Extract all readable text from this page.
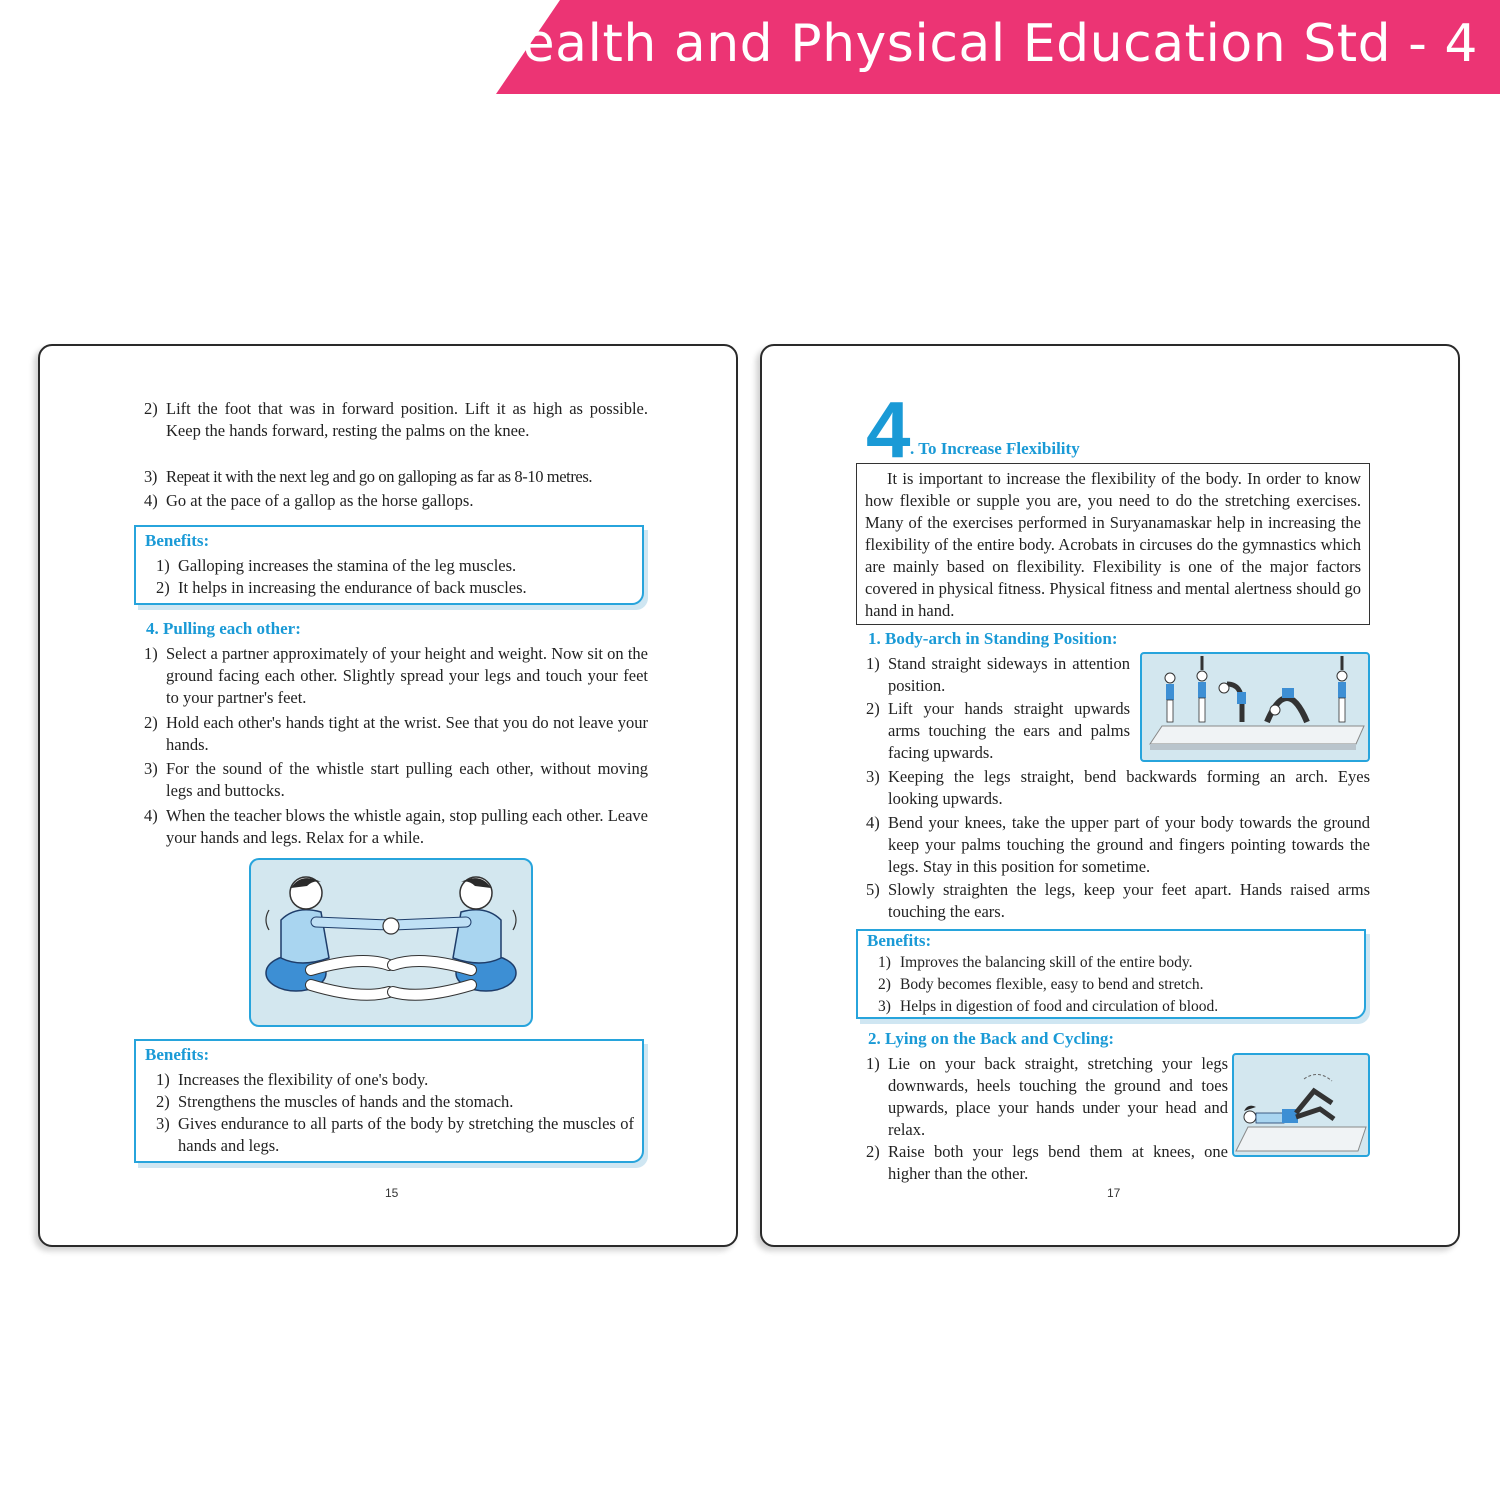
Health and Physical Education Std - 4
2) Lift the foot that was in forward position. Lift it as high as possible. Keep the hands forward, resting the palms on the knee.
3) Repeat it with the next leg and go on galloping as far as 8-10 metres.
4) Go at the pace of a gallop as the horse gallops.
Benefits:
1) Galloping increases the stamina of the leg muscles.
2) It helps in increasing the endurance of back muscles.
4. Pulling each other:
1) Select a partner approximately of your height and weight. Now sit on the ground facing each other. Slightly spread your legs and touch your feet to your partner's feet.
2) Hold each other's hands tight at the wrist. See that you do not leave your hands.
3) For the sound of the whistle start pulling each other, without moving legs and buttocks.
4) When the teacher blows the whistle again, stop pulling each other. Leave your hands and legs. Relax for a while.
Benefits:
1) Increases the flexibility of one's body.
2) Strengthens the muscles of hands and the stomach.
3) Gives endurance to all parts of the body by stretching the muscles of hands and legs.
15
4 . To Increase Flexibility
It is important to increase the flexibility of the body. In order to know how flexible or supple you are, you need to do the stretching exercises. Many of the exercises performed in Suryanamaskar help in increasing the flexibility of the entire body. Acrobats in circuses do the gymnastics which are mainly based on flexibility. Flexibility is one of the major factors covered in physical fitness. Physical fitness and mental alertness should go hand in hand.
1. Body-arch in Standing Position:
1) Stand straight sideways in attention position.
2) Lift your hands straight upwards arms touching the ears and palms facing upwards.
3) Keeping the legs straight, bend backwards forming an arch. Eyes looking upwards.
4) Bend your knees, take the upper part of your body towards the ground keep your palms touching the ground and fingers pointing towards the legs. Stay in this position for sometime.
5) Slowly straighten the legs, keep your feet apart. Hands raised arms touching the ears.
Benefits:
1) Improves the balancing skill of the entire body.
2) Body becomes flexible, easy to bend and stretch.
3) Helps in digestion of food and circulation of blood.
2. Lying on the Back and Cycling:
1) Lie on your back straight, stretching your legs downwards, heels touching the ground and toes upwards, place your hands under your head and relax.
2) Raise both your legs bend them at knees, one higher than the other.
17
